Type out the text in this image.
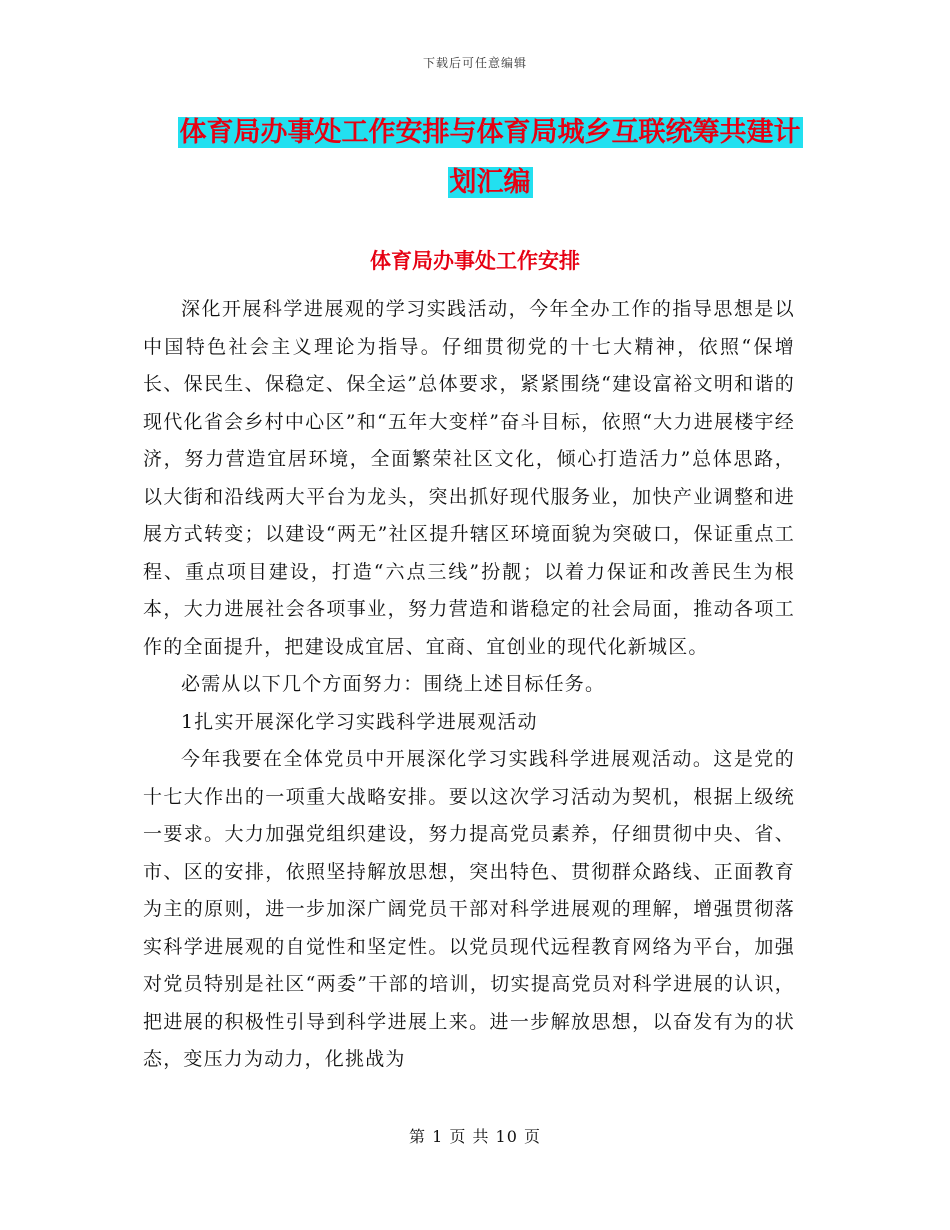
下载后可任意编辑
体育局办事处工作安排与体育局城乡互联统筹共建计
划汇编
体育局办事处工作安排

深化开展科学进展观的学习实践活动，今年全办工作的指导思想是以中国特色社会主义理论为指导。仔细贯彻党的十七大精神，依照“保增长、保民生、保稳定、保全运”总体要求，紧紧围绕“建设富裕文明和谐的现代化省会乡村中心区”和“五年大变样”奋斗目标，依照“大力进展楼宇经济，努力营造宜居环境，全面繁荣社区文化，倾心打造活力”总体思路，以大街和沿线两大平台为龙头，突出抓好现代服务业，加快产业调整和进展方式转变；以建设“两无”社区提升辖区环境面貌为突破口，保证重点工程、重点项目建设，打造“六点三线”扮靓；以着力保证和改善民生为根本，大力进展社会各项事业，努力营造和谐稳定的社会局面，推动各项工作的全面提升，把建设成宜居、宜商、宜创业的现代化新城区。

必需从以下几个方面努力：围绕上述目标任务。

1扎实开展深化学习实践科学进展观活动

今年我要在全体党员中开展深化学习实践科学进展观活动。这是党的十七大作出的一项重大战略安排。要以这次学习活动为契机，根据上级统一要求。大力加强党组织建设，努力提高党员素养，仔细贯彻中央、省、市、区的安排，依照坚持解放思想，突出特色、贯彻群众路线、正面教育为主的原则，进一步加深广阔党员干部对科学进展观的理解，增强贯彻落实科学进展观的自觉性和坚定性。以党员现代远程教育网络为平台，加强对党员特别是社区“两委”干部的培训，切实提高党员对科学进展的认识，把进展的积极性引导到科学进展上来。进一步解放思想，以奋发有为的状态，变压力为动力，化挑战为

第 1 页 共 10 页
